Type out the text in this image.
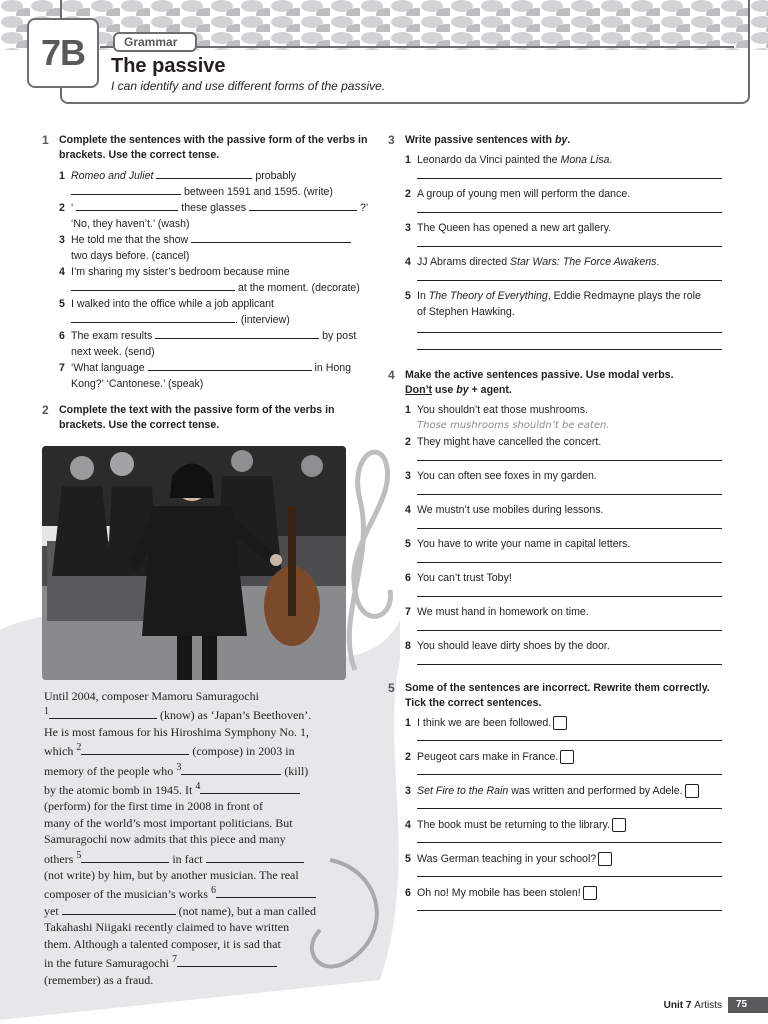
7B	Grammar
The passive
I can identify and use different forms of the passive.
1 Complete the sentences with the passive form of the verbs in brackets. Use the correct tense.
1 Romeo and Juliet	probably
between 1591 and 1595. (write)
2 ‘	these glasses	?’
‘No, they haven’t.’ (wash)
3 He told me that the show
two days before. (cancel)
4 I’m sharing my sister’s bedroom because mine
at the moment. (decorate)
5 I walked into the office while a job applicant
. (interview)
6 The exam results	by post
next week. (send)
7 ‘What language	in Hong
Kong?’ ‘Cantonese.’ (speak)
2 Complete the text with the passive form of the verbs in brackets. Use the correct tense.
Until 2004, composer Mamoru Samuragochi
$^1$	(know) as ‘Japan’s Beethoven’.
He is most famous for his Hiroshima Symphony No. 1,
which $^2$	(compose) in 2003 in
memory of the people who $^3$	(kill)
by the atomic bomb in 1945. It $^4$
(perform) for the first time in 2008 in front of
many of the world’s most important politicians. But
Samuragochi now admits that this piece and many
others $^5$	in fact
(not write) by him, but by another musician. The real
composer of the musician’s works $^6$
yet	(not name), but a man called
Takahashi Niigaki recently claimed to have written
them. Although a talented composer, it is sad that
in the future Samuragochi $^7$
(remember) as a fraud.
3 Write passive sentences with by.
1 Leonardo da Vinci painted the Mona Lisa.
2 A group of young men will perform the dance.
3 The Queen has opened a new art gallery.
4 JJ Abrams directed Star Wars: The Force Awakens.
5 In The Theory of Everything, Eddie Redmayne plays the role
of Stephen Hawking.
4 Make the active sentences passive. Use modal verbs.
Don’t use by + agent.
1 You shouldn’t eat those mushrooms.
Those mushrooms shouldn’t be eaten.
2 They might have cancelled the concert.
3 You can often see foxes in my garden.
4 We mustn’t use mobiles during lessons.
5 You have to write your name in capital letters.
6 You can’t trust Toby!
7 We must hand in homework on time.
8 You should leave dirty shoes by the door.
5 Some of the sentences are incorrect. Rewrite them correctly. Tick the correct sentences.
1 I think we are been followed.
2 Peugeot cars make in France.
3 Set Fire to the Rain was written and performed by Adele.
4 The book must be returning to the library.
5 Was German teaching in your school?
6 Oh no! My mobile has been stolen!
Unit 7 Artists	75
